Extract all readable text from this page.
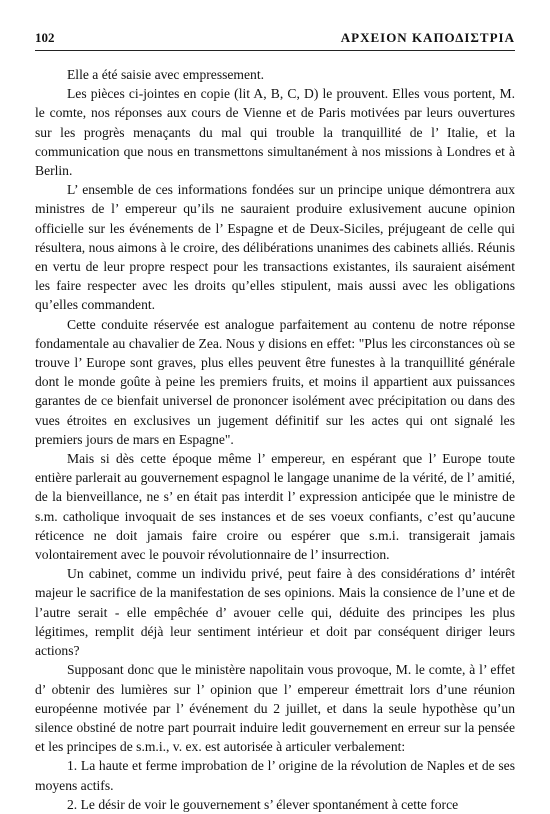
102	ΑΡΧΕΙΟΝ ΚΑΠΟΔΙΣΤΡΙΑ

Elle a été saisie avec empressement.

Les pièces ci-jointes en copie (lit A, B, C, D) le prouvent. Elles vous portent, M. le comte, nos réponses aux cours de Vienne et de Paris motivées par leurs ouvertures sur les progrès menaçants du mal qui trouble la tranquillité de l’ Italie, et la communication que nous en transmettons simultanément à nos missions à Londres et à Berlin.

L’ ensemble de ces informations fondées sur un principe unique démontrera aux ministres de l’ empereur qu’ils ne sauraient produire exlusivement aucune opinion officielle sur les événements de l’ Espagne et de Deux-Siciles, préjugeant de celle qui résultera, nous aimons à le croire, des délibérations unanimes des cabinets alliés. Réunis en vertu de leur propre respect pour les transactions existantes, ils sauraient aisément les faire respecter avec les droits qu’elles stipulent, mais aussi avec les obligations qu’elles commandent.

Cette conduite réservée est analogue parfaitement au contenu de notre réponse fondamentale au chavalier de Zea. Nous y disions en effet: "Plus les circonstances où se trouve l’ Europe sont graves, plus elles peuvent être funestes à la tranquillité générale dont le monde goûte à peine les premiers fruits, et moins il appartient aux puissances garantes de ce bienfait universel de prononcer isolément avec précipitation ou dans des vues étroites en exclusives un jugement définitif sur les actes qui ont signalé les premiers jours de mars en Espagne".

Mais si dès cette époque même l’ empereur, en espérant que l’ Europe toute entière parlerait au gouvernement espagnol le langage unanime de la vérité, de l’ amitié, de la bienveillance, ne s’ en était pas interdit l’ expression anticipée que le ministre de s.m. catholique invoquait de ses instances et de ses voeux confiants, c’est qu’aucune réticence ne doit jamais faire croire ou espérer que s.m.i. transigerait jamais volontairement avec le pouvoir révolutionnaire de l’ insurrection.

Un cabinet, comme un individu privé, peut faire à des considérations d’ intérêt majeur le sacrifice de la manifestation de ses opinions. Mais la consience de l’une et de l’autre serait - elle empêchée d’ avouer celle qui, déduite des principes les plus légitimes, remplit déjà leur sentiment intérieur et doit par conséquent diriger leurs actions?

Supposant donc que le ministère napolitain vous provoque, M. le comte, à l’ effet d’ obtenir des lumières sur l’ opinion que l’ empereur émettrait lors d’une réunion européenne motivée par l’ événement du 2 juillet, et dans la seule hypothèse qu’un silence obstiné de notre part pourrait induire ledit gouvernement en erreur sur la pensée et les principes de s.m.i., v. ex. est autorisée à articuler verbalement:

1. La haute et ferme improbation de l’ origine de la révolution de Naples et de ses moyens actifs.

2. Le désir de voir le gouvernement s’ élever spontanément à cette force
